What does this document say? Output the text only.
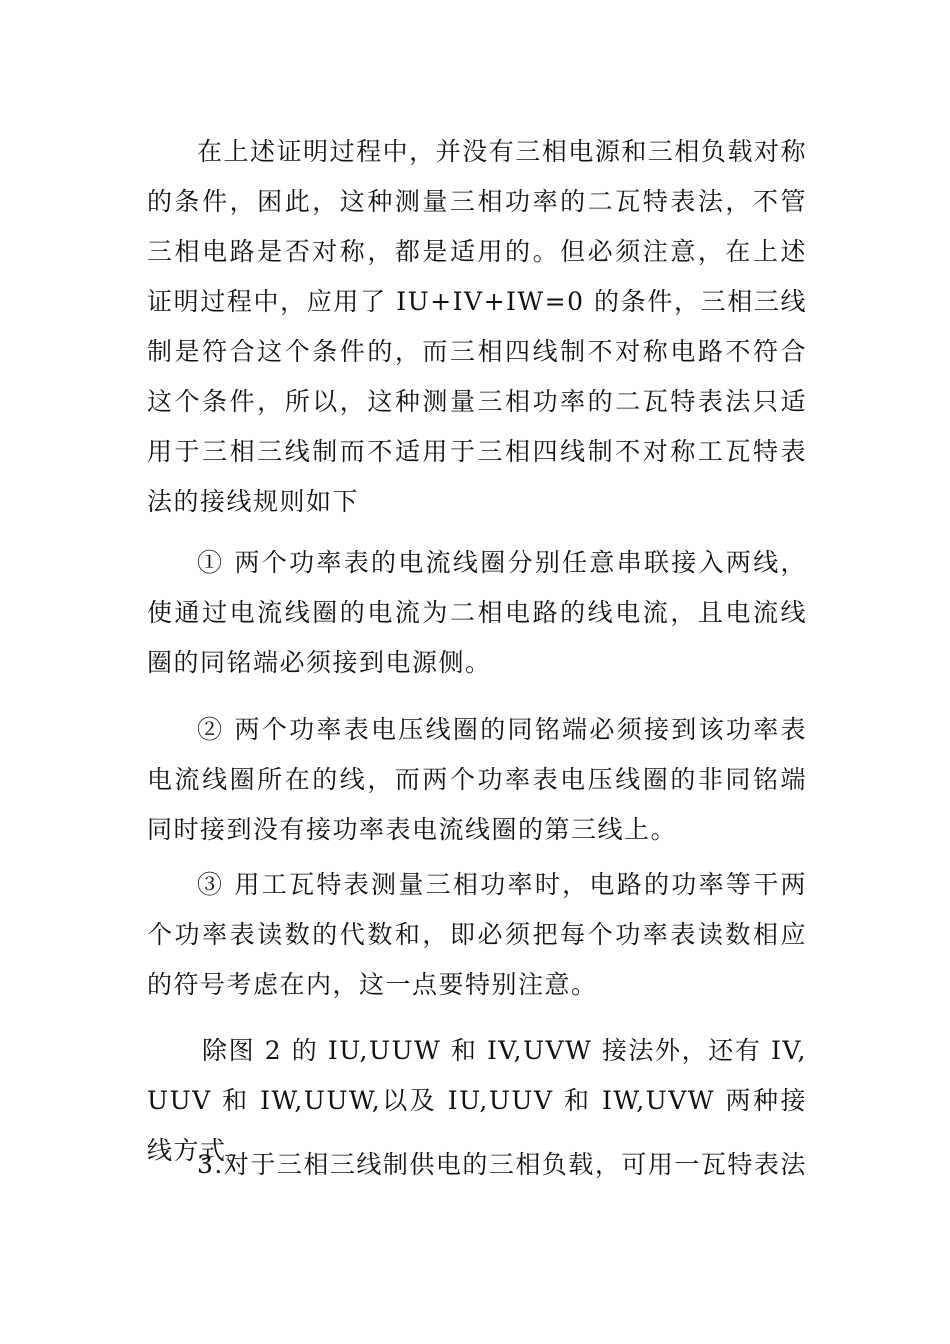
在上述证明过程中，并没有三相电源和三相负载对称的条件，困此，这种测量三相功率的二瓦特表法，不管三相电路是否对称，都是适用的。但必须注意，在上述证明过程中，应用了 IU+IV+IW=0 的条件，三相三线制是符合这个条件的，而三相四线制不对称电路不符合这个条件，所以，这种测量三相功率的二瓦特表法只适用于三相三线制而不适用于三相四线制不对称工瓦特表法的接线规则如下

① 两个功率表的电流线圈分别任意串联接入两线，使通过电流线圈的电流为二相电路的线电流，且电流线圈的同铭端必须接到电源侧。

② 两个功率表电压线圈的同铭端必须接到该功率表电流线圈所在的线，而两个功率表电压线圈的非同铭端同时接到没有接功率表电流线圈的第三线上。

③ 用工瓦特表测量三相功率时，电路的功率等干两个功率表读数的代数和，即必须把每个功率表读数相应的符号考虑在内，这一点要特别注意。

除图 2 的 IU,UUW 和 IV,UVW 接法外，还有 IV,UUV 和 IW,UUW,以及 IU,UUV 和 IW,UVW 两种接线方式。

3.对于三相三线制供电的三相负载，可用一瓦特表法
